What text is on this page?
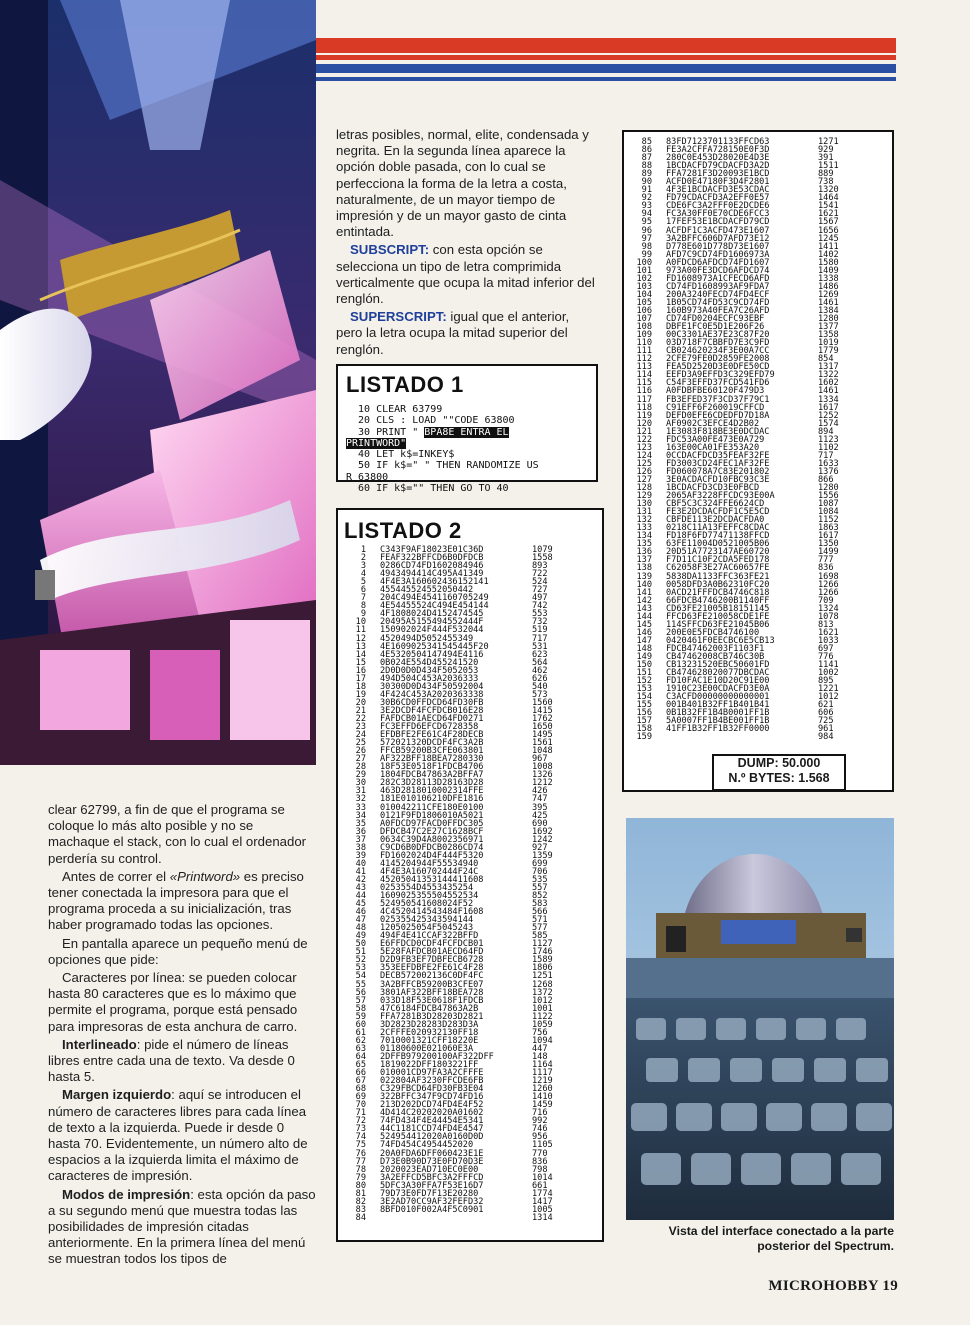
letras posibles, normal, elite, condensada y negrita. En la segunda línea aparece la opción doble pasada, con lo cual se perfecciona la forma de la letra a costa, naturalmente, de un mayor tiempo de impresión y de un mayor gasto de cinta entintada.

SUBSCRIPT: con esta opción se selecciona un tipo de letra comprimida verticalmente que ocupa la mitad inferior del renglón.

SUPERSCRIPT: igual que el anterior, pero la letra ocupa la mitad superior del renglón.

LISTADO 1
10 CLEAR 63799
20 CLS : LOAD ""CODE 63800
30 PRINT " BPA8E ENTRA EL
PRINTWORD"
40 LET k$=INKEY$
50 IF k$=" " THEN RANDOMIZE US
R 63800
60 IF k$="" THEN GO TO 40
LISTADO 2
1 C343F9AF18023E01C36D	1079
2 FEAF322BFFCD6B0DFDCB	1558
3 0286CD74FD1602084946	893
4 4943494414C495A41349	722
5 4F4E3A160602436152141	524
6 455445524552050442	727
7 204C494E4541160705249	497
8 4E54455524C494E454144	742
9 4F1808024D4152474545	553
10 20495A5155494552444F	732
11 150902024F444F532044	519
12 4520494D5052455349	717
13 4E1609025341545445F20	531
14 4E5320504147494E4116	623
15 0B024E554D455241520	564
16 2D0D0D0D434F5052053	462
17 494D504C453A2036333	626
18 30300D0D434F50592004	540
19 4F424C453A2020363338	573
20 30B6CD0FFDCD64FD30FB	1560
21 3E2DCDF4FCFDCB016E28	1415
22 FAFDCB01AECD64FD0271	1762
23 FC3EFFD6EFCD6728358	1650
24 EFDBFE2FE61C4F28DECB	1495
25 572021320DCDF4FC3A2B	1561
26 FFCB59200B3CFE063801	1048
27 AF322BFF18BEA7280330	967
28 18F53E0518F1FDCB4706	1008
29 1804FDCB47863A2BFFA7	1326
30 282C3D28113D28163D28	1212
31 463D2818010002314FFE	426
32 181E010106210DFE1816	747
33 010042211CFE180E0100	395
34 0121F9FD1806010A5021	425
35 A0FDCD97FACD0FFDC305	690
36 DFDCB47C2E27C1628BCF	1692
37 0634C39D4A8002356971	1242
38 C9CD6B0DFDCB0286CD74	927
39 FD1602024D4F444F5320	1359
40 4145204944F55534940	699
41 4F4E3A160702444F24C	706
42 45205041353144411608	535
43 0253554D4553435254	557
44 1609025355504552534	852
45 524950541608024F52	583
46 4C4520414543484F1608	566
47 025355425343594144	571
48 1205025054F5045243	577
49 494F4E41CCAF322BFFD	585
50 E6FFDCD0CDF4FCFDCB01	1127
51 5E28FAFDCB01AECD64FD	1746
52 D2D9FB3EF7DBFECB6728	1589
53 353EEFDBFE2FE61C4F28	1806
54 DECB572002136C0DF4FC	1251
55 3A2BFFCB59200B3CFE07	1268
56 3801AF322BFF18BEA728	1372
57 033D18F53E0618F1FDCB	1012
58 47C6184FDCB47863A2B	1001
59 FFA7281B3D28203D2821	1122
60 3D2823D28283D283D3A	1059
61 2CFFFE020932130FF18	756
62 7010001321CFF18220E	1094
63 01180600E021060E3A	447
64 2DFFB979200100AF322DFF	148
65 1819022DFF1803221FF	1164
66 010001CD97FA3A2CFFFE	1117
67 022804AF3230FFCDE6FB	1219
68 C329FBCD64FD30FB3E04	1260
69 322BFFC347F9CD74FD16	1410
70 213D202DCD74FD4E4F52	1459
71 4D414C20202020A01602	716
72 74FD434F4E44454E5341	992
73 44C1181CCD74FD4E4547	746
74 524954412020A0160D0D	956
75 74FD454C4954452020	1105
76 20A0FDA6DFF060423E1E	770
77 D73E0B90D73E0FD70D3E	836
78 2020023EAD710EC0E00	798
79 3A2EFFCD5BFC3A2FFFCD	1014
80 5DFC3A30FFA7F53E16D7	661
81 79D73E0FD7F13E20280	1774
82 3E2AD70CC9AF32FEFD32	1417
83 8BFD010F002A4F5C0901	1005
84	1314
85 83FD7123701133FFCD63	1271
86 FE3A2CFFA728150E0F3D	929
87 280C0E453D28020E4D3E	391
88 1BCDACFD79CDACFD3A2D	1511
89 FFA7281F3D20093E1BCD	889
90 ACFD0E47180F3D4F2801	738
91 4F3E1BCDACFD3E53CDAC	1320
92 FD79CDACFD3A2EFF0E57	1464
93 CDE6FC3A2FFF0E2DCDE6	1541
94 FC3A30FF0E70CDE6FCC3	1621
95 17FEF53E1BCDACFD79CD	1567
96 ACFDF1C3ACFD473E1607	1656
97 3A2BFFC606D7AFD73E12	1245
98 D778E601D778D73E1607	1411
99 AFD7C9CD74FD1606973A	1402
100 A0FDCD6AFDCD74FD1607	1580
101 973A00FE3DCD6AFDCD74	1409
102 FD1608973A1CFECD6AFD	1338
103 CD74FD1608993AF9FDA7	1486
104 200A3240FECD74FD4ECF	1269
105 1B05CD74FD53C9CD74FD	1461
106 160B973A40FEA7C26AFD	1384
107 CD74FD0204ECFC93EBF	1280
108 DBFE1FC0E5D1E206F26	1377
109 00C3301AE37E23C87F20	1358
110 03D718F7CBBFD7E3C9FD	1019
111 CB024620234F3E00A7CC	1779
112 2CFE79FE0D2859FE2008	854
113 FEA5D2520D3E0DFE50CD	1317
114 EEFD3A9EFFD3C329EFD79	1322
115 C54F3EFFD37FCD541FD6	1602
116 A0FDBFBE60120F479D3	1461
117 FB3EFED37F3CD37F79C1	1334
118 C91EFF6F260019CFFCD	1617
119 DEFD0EFE6CDEDFD7D18A	1252
120 AF0902C3EFCE4D2B02	1574
121 1E3083F818BE3E0DCDAC	894
122 FDC53A00FE473E0A729	1123
123 163E00CA01FE353A20	1102
124 0CCDACFDCD35FEAF32FE	717
125 FD3003CD24FEC1AF32FE	1633
126 FD060078A7C83E201802	1376
127 3E0ACDACFD10FBC93C3E	866
128 1BCDACFD3CD3E0FBCD	1280
129 2065AF3228FFCDC93E00A	1556
130 CBF5C3C324FFE6624CD	1087
131 FE3E2DCDACFDF1C5E5CD	1084
132 CBFDE113E2DCDACFDA0	1152
133 0218C11A13FEFFC8CDAC	1863
134 FD18F6FD77471138FFCD	1617
135 63FE11004D0521005B06	1350
136 20D51A7723147AE60720	1499
137 F7D11C10F2CDA5FED178	777
138 C62058F3E27AC60657FE	836
139 5838DA1133FFC363FE21	1698
140 0058DFD3A0B62310FC20	1266
141 0ACD21FFFDCB4746C818	1266
142 66FDCB4746200B1140FF	709
143 CD63FE21005B18151145	1324
144 FFCD63FE210058CDE1FE	1078
145 114SFFCD63FE21045B06	813
146 200E0E5FDCB4746100	1621
147 0420461F0EECBC6E5CB13	1033
148 FDCB47462003F1103F1	697
149 CB47462008CB746C30B	776
150 CB13231520EBC50601FD	1141
151 CB474628020077DBCDAC	1002
152 FD10FAC1E10D20C91E00	895
153 1910C23E00CDACFD3E0A	1221
154 C3ACFD00000000000001	1012
155 001B401B32FF1B401B41	621
156 0B1B32FF1B4B0001FF1B	606
157 5A0007FF1B4BE001FF1B	725
158 41FF1B32FF1B32FF0000	961
159	984
DUMP: 50.000
N.º BYTES: 1.568

clear 62799, a fin de que el programa se coloque lo más alto posible y no se machaque el stack, con lo cual el ordenador perdería su control.

Antes de correr el «Printword» es preciso tener conectada la impresora para que el programa proceda a su inicialización, tras haber programado todas las opciones.

En pantalla aparece un pequeño menú de opciones que pide:

Caracteres por línea: se pueden colocar hasta 80 caracteres que es lo máximo que permite el programa, porque está pensado para impresoras de esta anchura de carro.

Interlineado: pide el número de líneas libres entre cada una de texto. Va desde 0 hasta 5.

Margen izquierdo: aquí se introducen el número de caracteres libres para cada línea de texto a la izquierda. Puede ir desde 0 hasta 70. Evidentemente, un número alto de espacios a la izquierda limita el máximo de caracteres de impresión.

Modos de impresión: esta opción da paso a su segundo menú que muestra todas las posibilidades de impresión citadas anteriormente. En la primera línea del menú se muestran todos los tipos de

Vista del interface conectado a la parte posterior del Spectrum.
MICROHOBBY 19
